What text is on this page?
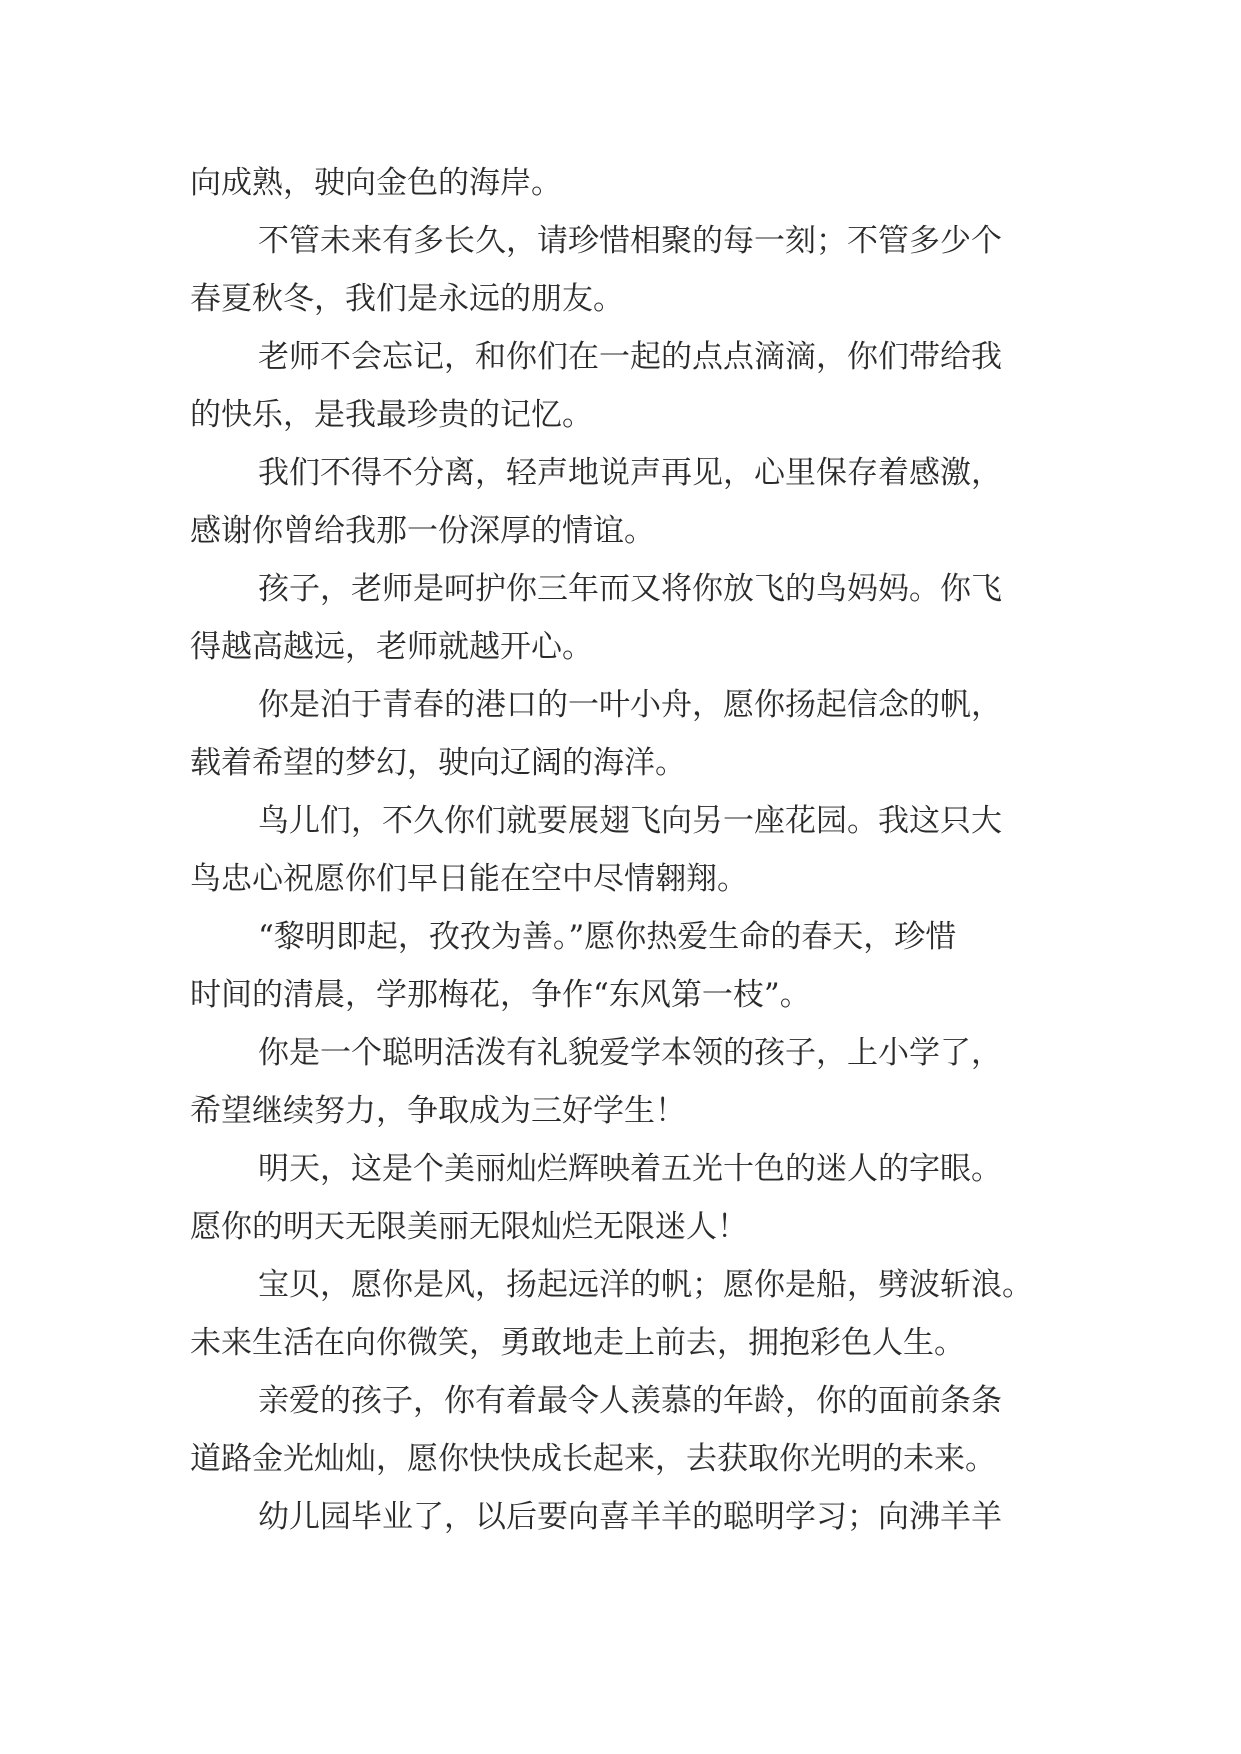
向成熟，驶向金色的海岸。
不管未来有多长久，请珍惜相聚的每一刻；不管多少个
春夏秋冬，我们是永远的朋友。
老师不会忘记，和你们在一起的点点滴滴，你们带给我
的快乐，是我最珍贵的记忆。
我们不得不分离，轻声地说声再见，心里保存着感激，
感谢你曾给我那一份深厚的情谊。
孩子，老师是呵护你三年而又将你放飞的鸟妈妈。你飞
得越高越远，老师就越开心。
你是泊于青春的港口的一叶小舟，愿你扬起信念的帆，
载着希望的梦幻，驶向辽阔的海洋。
鸟儿们，不久你们就要展翅飞向另一座花园。我这只大
鸟忠心祝愿你们早日能在空中尽情翱翔。
“黎明即起，孜孜为善。”愿你热爱生命的春天，珍惜
时间的清晨，学那梅花，争作“东风第一枝”。
你是一个聪明活泼有礼貌爱学本领的孩子，上小学了，
希望继续努力，争取成为三好学生！
明天，这是个美丽灿烂辉映着五光十色的迷人的字眼。
愿你的明天无限美丽无限灿烂无限迷人！
宝贝，愿你是风，扬起远洋的帆；愿你是船，劈波斩浪。
未来生活在向你微笑，勇敢地走上前去，拥抱彩色人生。
亲爱的孩子，你有着最令人羡慕的年龄，你的面前条条
道路金光灿灿，愿你快快成长起来，去获取你光明的未来。
幼儿园毕业了，以后要向喜羊羊的聪明学习；向沸羊羊
